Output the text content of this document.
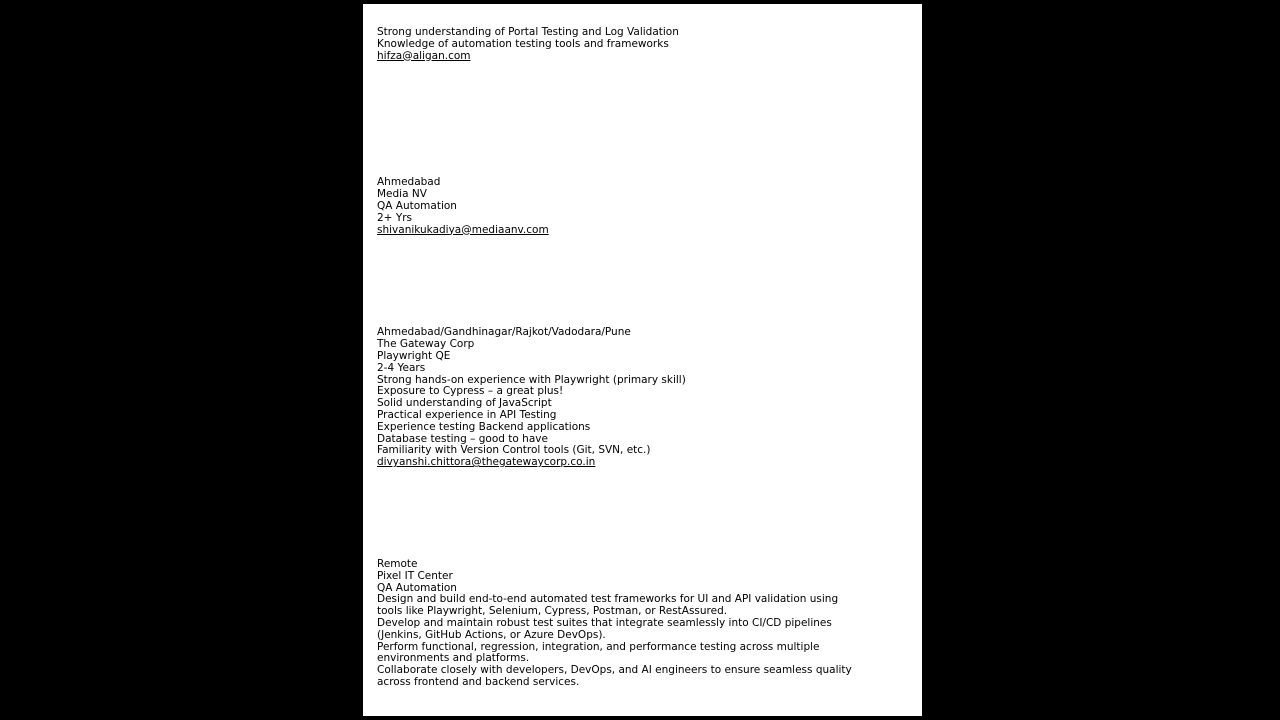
Strong understanding of Portal Testing and Log Validation
Knowledge of automation testing tools and frameworks
hifza@aligan.com
Ahmedabad
Media NV
QA Automation
2+ Yrs
shivanikukadiya@mediaanv.com
Ahmedabad/Gandhinagar/Rajkot/Vadodara/Pune
The Gateway Corp
Playwright QE
2-4 Years
Strong hands-on experience with Playwright (primary skill)
Exposure to Cypress – a great plus!
Solid understanding of JavaScript
Practical experience in API Testing
Experience testing Backend applications
Database testing – good to have
Familiarity with Version Control tools (Git, SVN, etc.)
divyanshi.chittora@thegatewaycorp.co.in
Remote
Pixel IT Center
QA Automation
Design and build end-to-end automated test frameworks for UI and API validation using tools like Playwright, Selenium, Cypress, Postman, or RestAssured.
Develop and maintain robust test suites that integrate seamlessly into CI/CD pipelines (Jenkins, GitHub Actions, or Azure DevOps).
Perform functional, regression, integration, and performance testing across multiple environments and platforms.
Collaborate closely with developers, DevOps, and AI engineers to ensure seamless quality across frontend and backend services.
